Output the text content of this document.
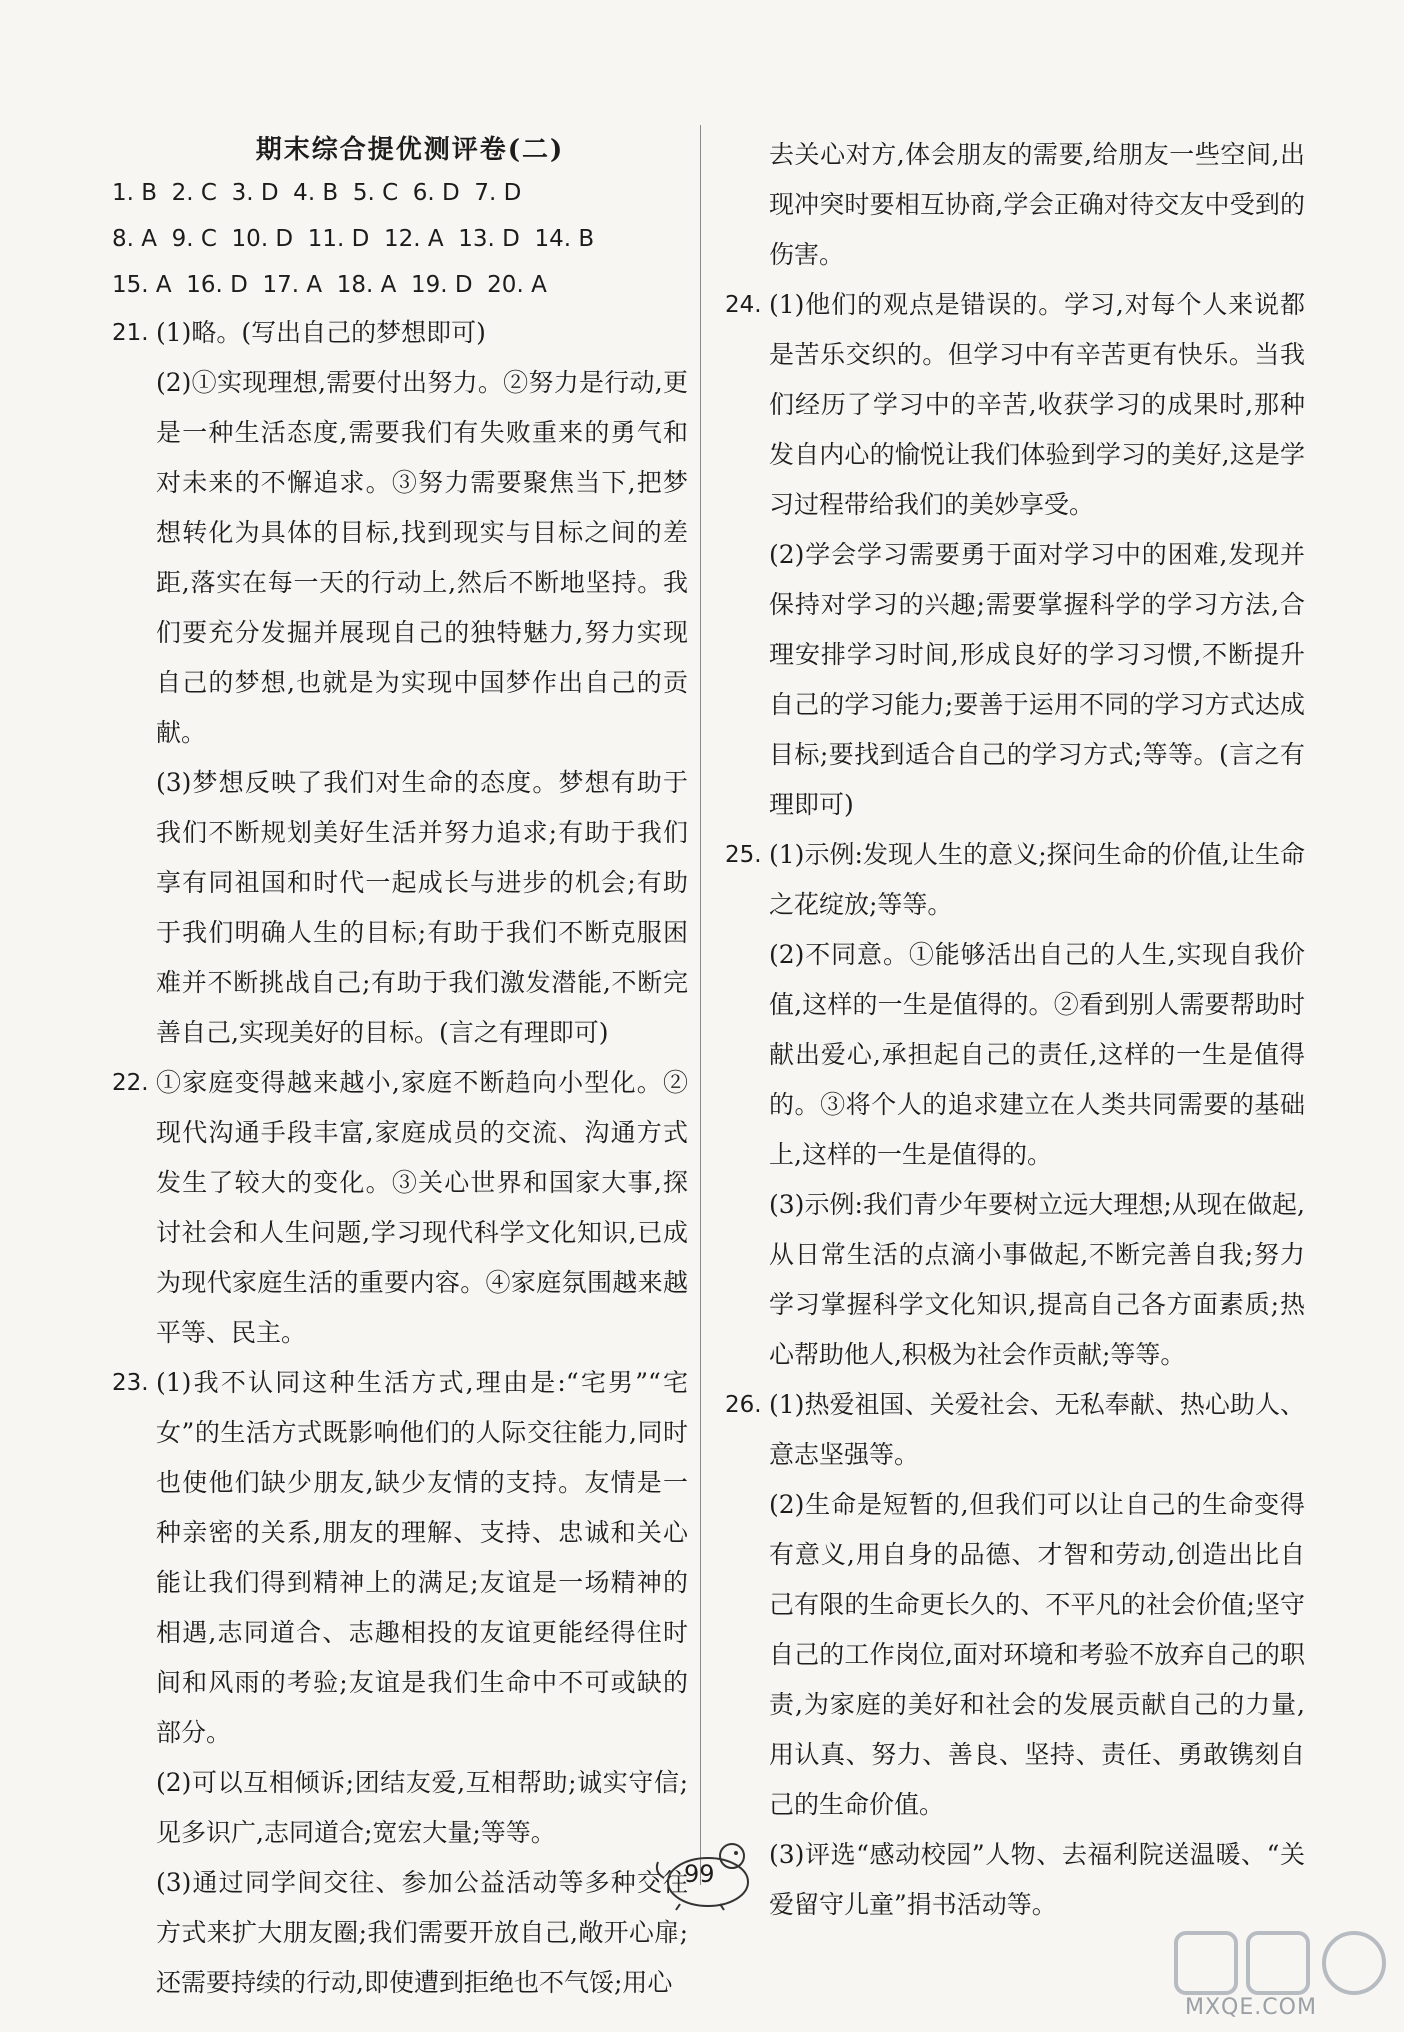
期末综合提优测评卷(二)
1. B  2. C  3. D  4. B  5. C  6. D  7. D
8. A  9. C  10. D  11. D  12. A  13. D  14. B
15. A  16. D  17. A  18. A  19. D  20. A
21. (1)略。(写出自己的梦想即可)

(2)①实现理想,需要付出努力。②努力是行动,更是一种生活态度,需要我们有失败重来的勇气和对未来的不懈追求。③努力需要聚焦当下,把梦想转化为具体的目标,找到现实与目标之间的差距,落实在每一天的行动上,然后不断地坚持。我们要充分发掘并展现自己的独特魅力,努力实现自己的梦想,也就是为实现中国梦作出自己的贡献。

(3)梦想反映了我们对生命的态度。梦想有助于我们不断规划美好生活并努力追求;有助于我们享有同祖国和时代一起成长与进步的机会;有助于我们明确人生的目标;有助于我们不断克服困难并不断挑战自己;有助于我们激发潜能,不断完善自己,实现美好的目标。(言之有理即可)

22. ①家庭变得越来越小,家庭不断趋向小型化。②现代沟通手段丰富,家庭成员的交流、沟通方式发生了较大的变化。③关心世界和国家大事,探讨社会和人生问题,学习现代科学文化知识,已成为现代家庭生活的重要内容。④家庭氛围越来越平等、民主。

23. (1)我不认同这种生活方式,理由是:“宅男”“宅女”的生活方式既影响他们的人际交往能力,同时也使他们缺少朋友,缺少友情的支持。友情是一种亲密的关系,朋友的理解、支持、忠诚和关心能让我们得到精神上的满足;友谊是一场精神的相遇,志同道合、志趣相投的友谊更能经得住时间和风雨的考验;友谊是我们生命中不可或缺的部分。

(2)可以互相倾诉;团结友爱,互相帮助;诚实守信;见多识广,志同道合;宽宏大量;等等。

(3)通过同学间交往、参加公益活动等多种交往方式来扩大朋友圈;我们需要开放自己,敞开心扉;还需要持续的行动,即使遭到拒绝也不气馁;用心

去关心对方,体会朋友的需要,给朋友一些空间,出现冲突时要相互协商,学会正确对待交友中受到的伤害。

24. (1)他们的观点是错误的。学习,对每个人来说都是苦乐交织的。但学习中有辛苦更有快乐。当我们经历了学习中的辛苦,收获学习的成果时,那种发自内心的愉悦让我们体验到学习的美好,这是学习过程带给我们的美妙享受。

(2)学会学习需要勇于面对学习中的困难,发现并保持对学习的兴趣;需要掌握科学的学习方法,合理安排学习时间,形成良好的学习习惯,不断提升自己的学习能力;要善于运用不同的学习方式达成目标;要找到适合自己的学习方式;等等。(言之有理即可)

25. (1)示例:发现人生的意义;探问生命的价值,让生命之花绽放;等等。

(2)不同意。①能够活出自己的人生,实现自我价值,这样的一生是值得的。②看到别人需要帮助时献出爱心,承担起自己的责任,这样的一生是值得的。③将个人的追求建立在人类共同需要的基础上,这样的一生是值得的。

(3)示例:我们青少年要树立远大理想;从现在做起,从日常生活的点滴小事做起,不断完善自我;努力学习掌握科学文化知识,提高自己各方面素质;热心帮助他人,积极为社会作贡献;等等。

26. (1)热爱祖国、关爱社会、无私奉献、热心助人、意志坚强等。

(2)生命是短暂的,但我们可以让自己的生命变得有意义,用自身的品德、才智和劳动,创造出比自己有限的生命更长久的、不平凡的社会价值;坚守自己的工作岗位,面对环境和考验不放弃自己的职责,为家庭的美好和社会的发展贡献自己的力量,用认真、努力、善良、坚持、责任、勇敢镌刻自己的生命价值。

(3)评选“感动校园”人物、去福利院送温暖、“关爱留守儿童”捐书活动等。

99
MXQE.COM
